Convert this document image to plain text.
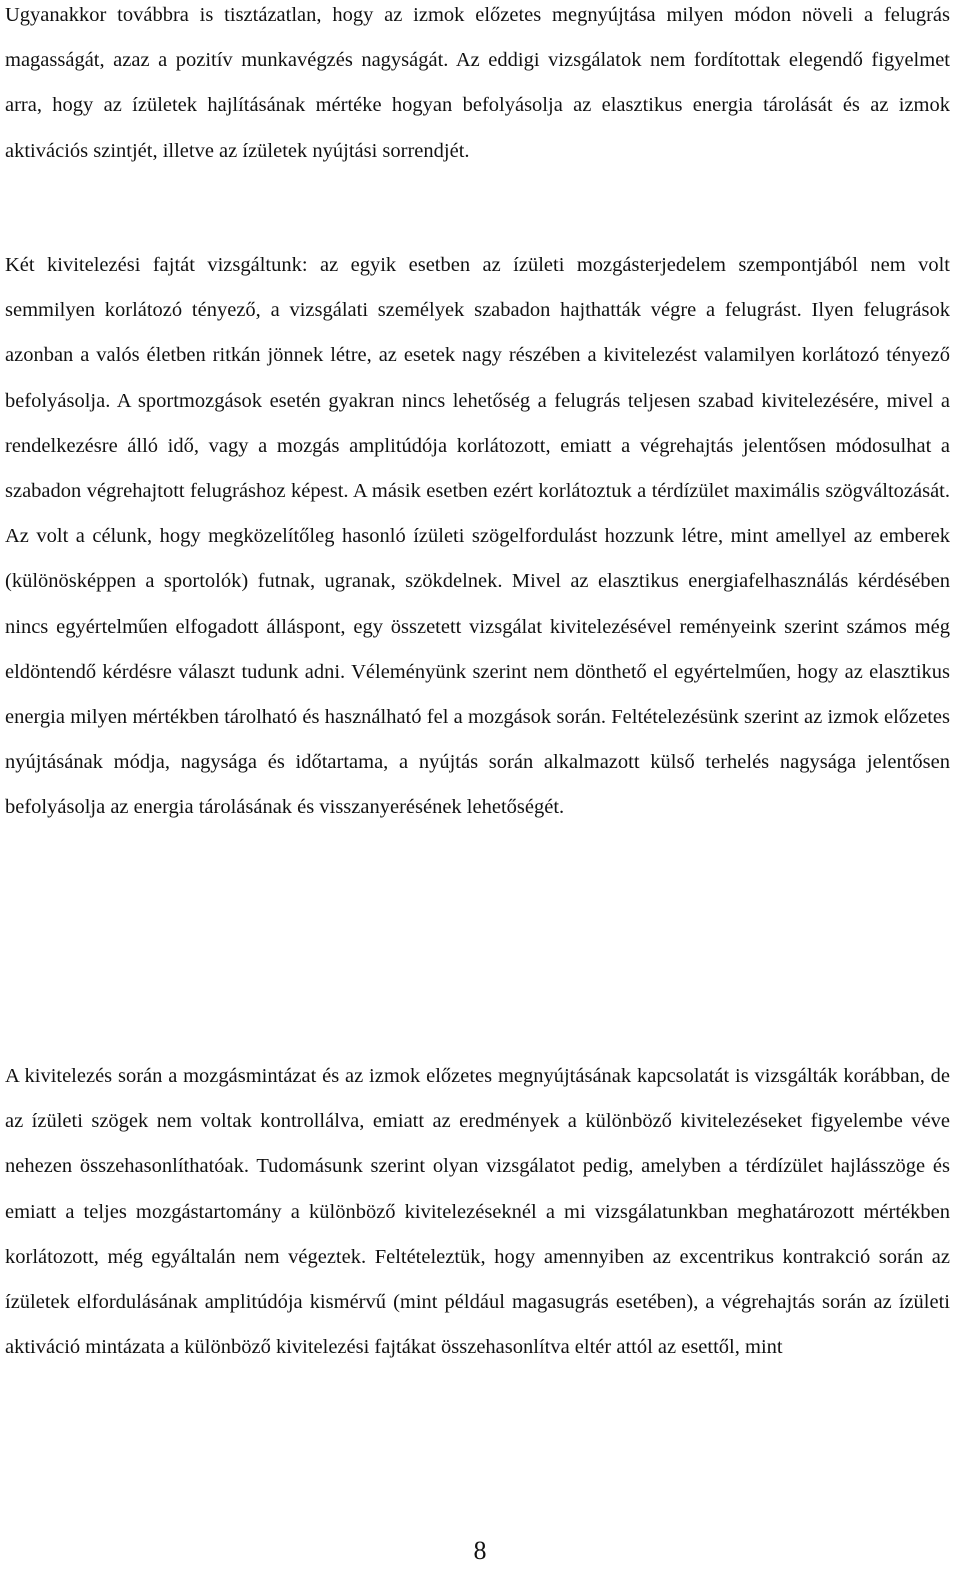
Ugyanakkor továbbra is tisztázatlan, hogy az izmok előzetes megnyújtása milyen módon növeli a felugrás magasságát, azaz a pozitív munkavégzés nagyságát. Az eddigi vizsgálatok nem fordítottak elegendő figyelmet arra, hogy az ízületek hajlításának mértéke hogyan befolyásolja az elasztikus energia tárolását és az izmok aktivációs szintjét, illetve az ízületek nyújtási sorrendjét.

Két kivitelezési fajtát vizsgáltunk: az egyik esetben az ízületi mozgásterjedelem szempontjából nem volt semmilyen korlátozó tényező, a vizsgálati személyek szabadon hajthatták végre a felugrást. Ilyen felugrások azonban a valós életben ritkán jönnek létre, az esetek nagy részében a kivitelezést valamilyen korlátozó tényező befolyásolja. A sportmozgások esetén gyakran nincs lehetőség a felugrás teljesen szabad kivitelezésére, mivel a rendelkezésre álló idő, vagy a mozgás amplitúdója korlátozott, emiatt a végrehajtás jelentősen módosulhat a szabadon végrehajtott felugráshoz képest. A másik esetben ezért korlátoztuk a térdízület maximális szögváltozását. Az volt a célunk, hogy megközelítőleg hasonló ízületi szögelfordulást hozzunk létre, mint amellyel az emberek (különösképpen a sportolók) futnak, ugranak, szökdelnek. Mivel az elasztikus energiafelhasználás kérdésében nincs egyértelműen elfogadott álláspont, egy összetett vizsgálat kivitelezésével reményeink szerint számos még eldöntendő kérdésre választ tudunk adni. Véleményünk szerint nem dönthető el egyértelműen, hogy az elasztikus energia milyen mértékben tárolható és használható fel a mozgások során. Feltételezésünk szerint az izmok előzetes nyújtásának módja, nagysága és időtartama, a nyújtás során alkalmazott külső terhelés nagysága jelentősen befolyásolja az energia tárolásának és visszanyerésének lehetőségét.

A kivitelezés során a mozgásmintázat és az izmok előzetes megnyújtásának kapcsolatát is vizsgálták korábban, de az ízületi szögek nem voltak kontrollálva, emiatt az eredmények a különböző kivitelezéseket figyelembe véve nehezen összehasonlíthatóak. Tudomásunk szerint olyan vizsgálatot pedig, amelyben a térdízület hajlásszöge és emiatt a teljes mozgástartomány a különböző kivitelezéseknél a mi vizsgálatunkban meghatározott mértékben korlátozott, még egyáltalán nem végeztek. Feltételeztük, hogy amennyiben az excentrikus kontrakció során az ízületek elfordulásának amplitúdója kismérvű (mint például magasugrás esetében), a végrehajtás során az ízületi aktiváció mintázata a különböző kivitelezési fajtákat összehasonlítva eltér attól az esettől, mint

8
